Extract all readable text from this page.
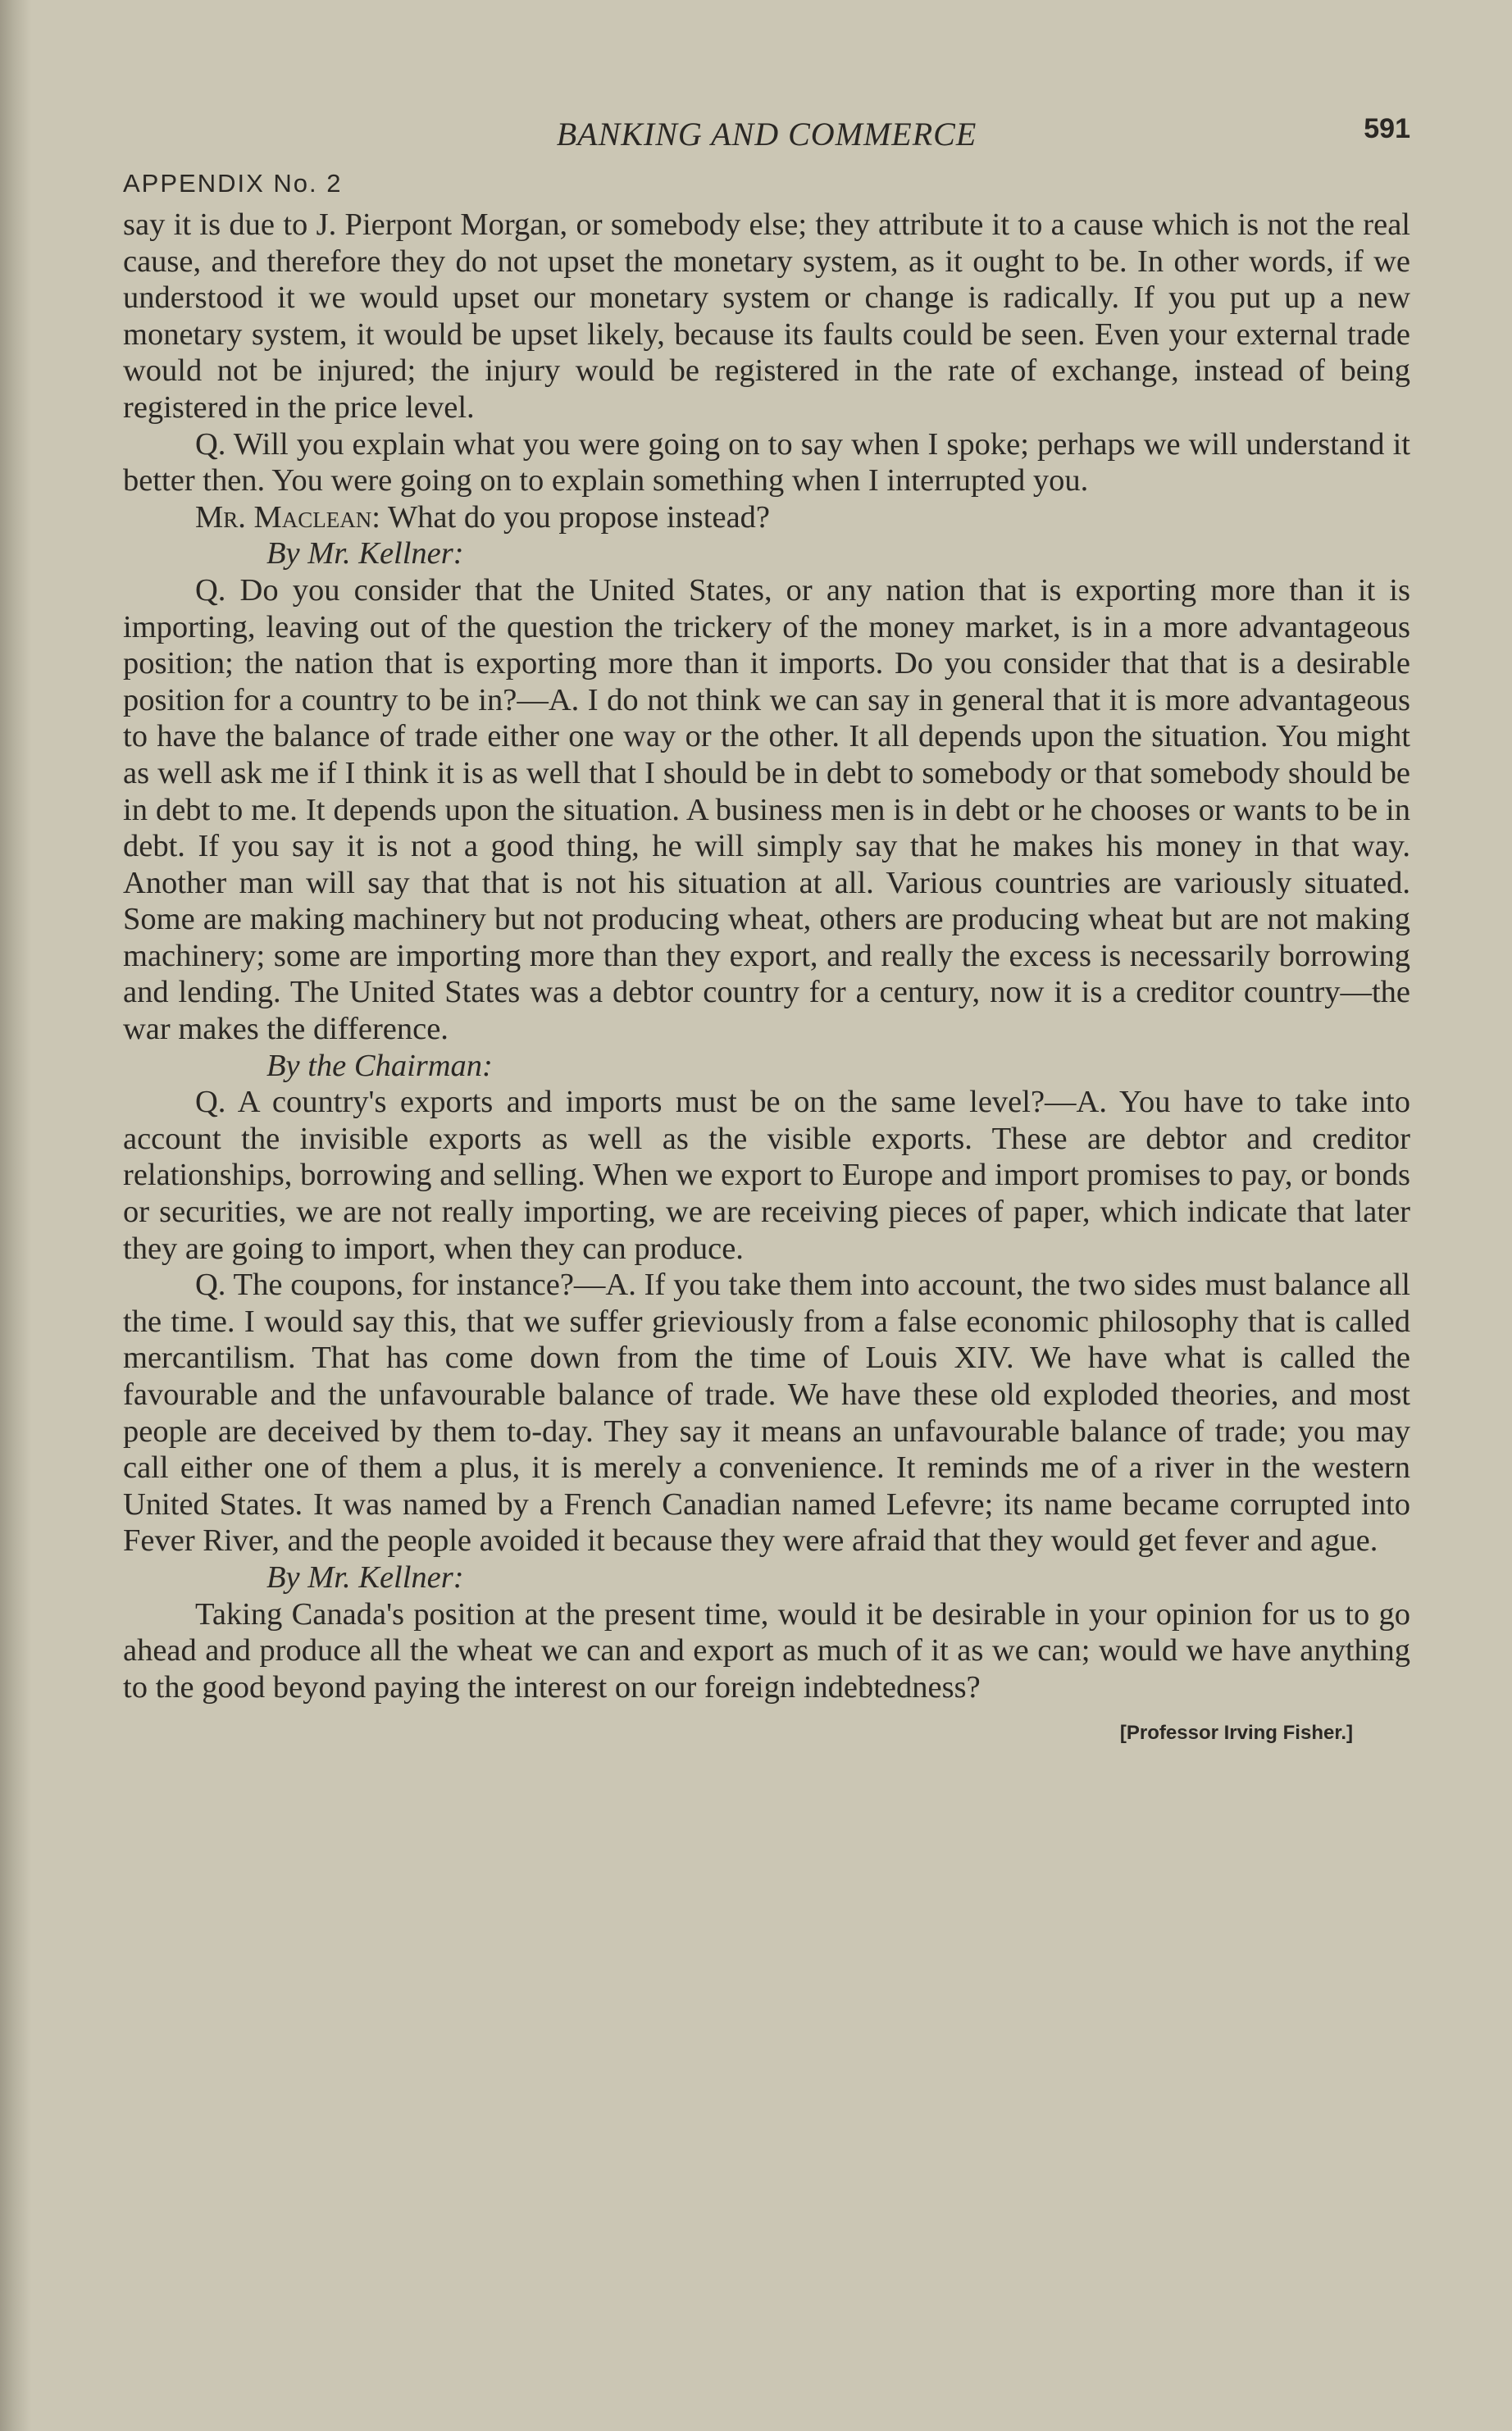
BANKING AND COMMERCE	591
APPENDIX No. 2

say it is due to J. Pierpont Morgan, or somebody else; they attribute it to a cause which is not the real cause, and therefore they do not upset the monetary system, as it ought to be. In other words, if we understood it we would upset our monetary system or change is radically. If you put up a new monetary system, it would be upset likely, because its faults could be seen. Even your external trade would not be injured; the injury would be registered in the rate of exchange, instead of being registered in the price level.

Q. Will you explain what you were going on to say when I spoke; perhaps we will understand it better then. You were going on to explain something when I interrupted you.

Mr. Maclean: What do you propose instead?

By Mr. Kellner:

Q. Do you consider that the United States, or any nation that is exporting more than it is importing, leaving out of the question the trickery of the money market, is in a more advantageous position; the nation that is exporting more than it imports. Do you consider that that is a desirable position for a country to be in?—A. I do not think we can say in general that it is more advantageous to have the balance of trade either one way or the other. It all depends upon the situation. You might as well ask me if I think it is as well that I should be in debt to somebody or that somebody should be in debt to me. It depends upon the situation. A business men is in debt or he chooses or wants to be in debt. If you say it is not a good thing, he will simply say that he makes his money in that way. Another man will say that that is not his situation at all. Various countries are variously situated. Some are making machinery but not producing wheat, others are producing wheat but are not making machinery; some are importing more than they export, and really the excess is necessarily borrowing and lending. The United States was a debtor country for a century, now it is a creditor country—the war makes the difference.

By the Chairman:

Q. A country's exports and imports must be on the same level?—A. You have to take into account the invisible exports as well as the visible exports. These are debtor and creditor relationships, borrowing and selling. When we export to Europe and import promises to pay, or bonds or securities, we are not really importing, we are receiving pieces of paper, which indicate that later they are going to import, when they can produce.

Q. The coupons, for instance?—A. If you take them into account, the two sides must balance all the time. I would say this, that we suffer grieviously from a false economic philosophy that is called mercantilism. That has come down from the time of Louis XIV. We have what is called the favourable and the unfavourable balance of trade. We have these old exploded theories, and most people are deceived by them to-day. They say it means an unfavourable balance of trade; you may call either one of them a plus, it is merely a convenience. It reminds me of a river in the western United States. It was named by a French Canadian named Lefevre; its name became corrupted into Fever River, and the people avoided it because they were afraid that they would get fever and ague.

By Mr. Kellner:

Taking Canada's position at the present time, would it be desirable in your opinion for us to go ahead and produce all the wheat we can and export as much of it as we can; would we have anything to the good beyond paying the interest on our foreign indebtedness?

[Professor Irving Fisher.]
